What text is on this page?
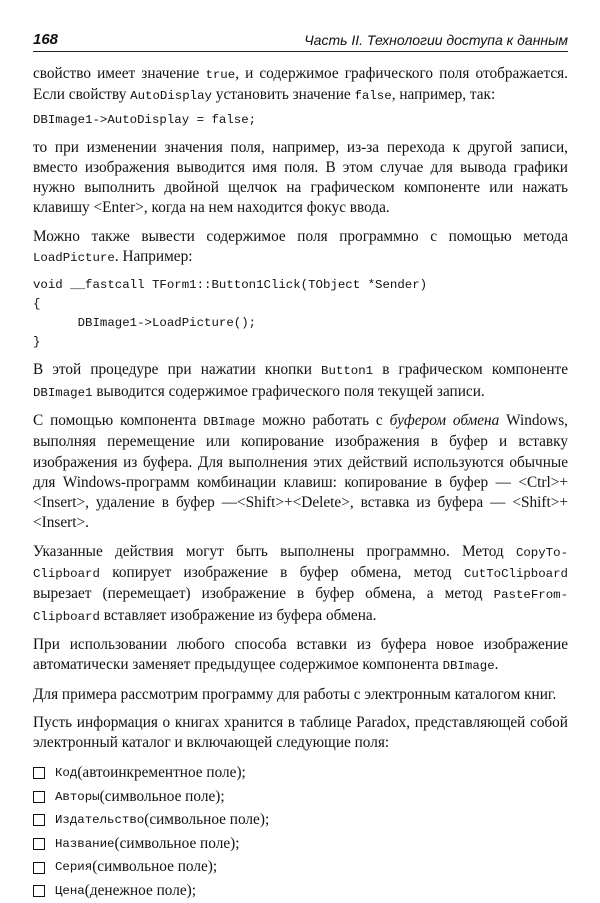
168	Часть II. Технологии доступа к данным

свойство имеет значение true, и содержимое графического поля отображается. Если свойству AutoDisplay установить значение false, например, так:

DBImage1->AutoDisplay = false;

то при изменении значения поля, например, из-за перехода к другой записи, вместо изображения выводится имя поля. В этом случае для вывода графики нужно выполнить двойной щелчок на графическом компоненте или нажать клавишу <Enter>, когда на нем находится фокус ввода.

Можно также вывести содержимое поля программно с помощью метода LoadPicture. Например:

void __fastcall TForm1::Button1Click(TObject *Sender)
{
DBImage1->LoadPicture();
}

В этой процедуре при нажатии кнопки Button1 в графическом компоненте DBImage1 выводится содержимое графического поля текущей записи.

С помощью компонента DBImage можно работать с буфером обмена Windows, выполняя перемещение или копирование изображения в буфер и вставку изображения из буфера. Для выполнения этих действий используются обычные для Windows-программ комбинации клавиш: копирование в буфер — <Ctrl>+<Insert>, удаление в буфер —<Shift>+<Delete>, вставка из буфера — <Shift>+<Insert>.

Указанные действия могут быть выполнены программно. Метод CopyToClipboard копирует изображение в буфер обмена, метод CutToClipboard вырезает (перемещает) изображение в буфер обмена, а метод PasteFromClipboard вставляет изображение из буфера обмена.

При использовании любого способа вставки из буфера новое изображение автоматически заменяет предыдущее содержимое компонента DBImage.

Для примера рассмотрим программу для работы с электронным каталогом книг.

Пусть информация о книгах хранится в таблице Paradox, представляющей собой электронный каталог и включающей следующие поля:

Код (автоинкрементное поле);
Авторы (символьное поле);
Издательство (символьное поле);
Название (символьное поле);
Серия (символьное поле);
Цена (денежное поле);
